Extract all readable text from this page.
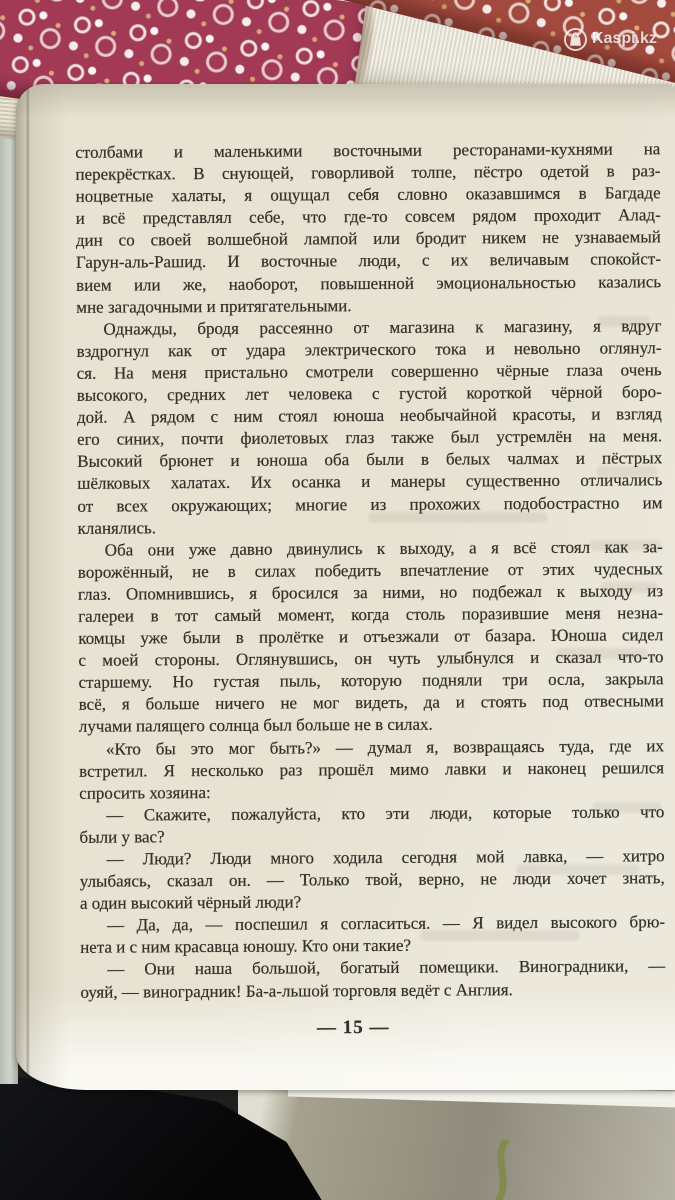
столбами и маленькими восточными ресторанами-кухнями на
перекрёстках. В снующей, говорливой толпе, пёстро одетой в раз-
ноцветные халаты, я ощущал себя словно оказавшимся в Багдаде
и всё представлял себе, что где-то совсем рядом проходит Алад-
дин со своей волшебной лампой или бродит никем не узнаваемый
Гарун-аль-Рашид. И восточные люди, с их величавым спокойст-
вием или же, наоборот, повышенной эмоциональностью казались
мне загадочными и притягательными.
Однажды, бродя рассеянно от магазина к магазину, я вдруг
вздрогнул как от удара электрического тока и невольно оглянул-
ся. На меня пристально смотрели совершенно чёрные глаза очень
высокого, средних лет человека с густой короткой чёрной боро-
дой. А рядом с ним стоял юноша необычайной красоты, и взгляд
его синих, почти фиолетовых глаз также был устремлён на меня.
Высокий брюнет и юноша оба были в белых чалмах и пёстрых
шёлковых халатах. Их осанка и манеры существенно отличались
от всех окружающих; многие из прохожих подобострастно им
кланялись.
Оба они уже давно двинулись к выходу, а я всё стоял как за-
ворожённый, не в силах победить впечатление от этих чудесных
глаз. Опомнившись, я бросился за ними, но подбежал к выходу из
галереи в тот самый момент, когда столь поразившие меня незна-
комцы уже были в пролётке и отъезжали от базара. Юноша сидел
с моей стороны. Оглянувшись, он чуть улыбнулся и сказал что-то
старшему. Но густая пыль, которую подняли три осла, закрыла
всё, я больше ничего не мог видеть, да и стоять под отвесными
лучами палящего солнца был больше не в силах.
«Кто бы это мог быть?» — думал я, возвращаясь туда, где их
встретил. Я несколько раз прошёл мимо лавки и наконец решился
спросить хозяина:
— Скажите, пожалуйста, кто эти люди, которые только что
были у вас?
— Люди? Люди много ходила сегодня мой лавка, — хитро
улыбаясь, сказал он. — Только твой, верно, не люди хочет знать,
а один высокий чёрный люди?
— Да, да, — поспешил я согласиться. — Я видел высокого брю-
нета и с ним красавца юношу. Кто они такие?
— Они наша большой, богатый помещики. Виноградники, —
оуяй, — виноградник! Ба-а-льшой торговля ведёт с Англия.
— 15 —
Kaspi.kz
